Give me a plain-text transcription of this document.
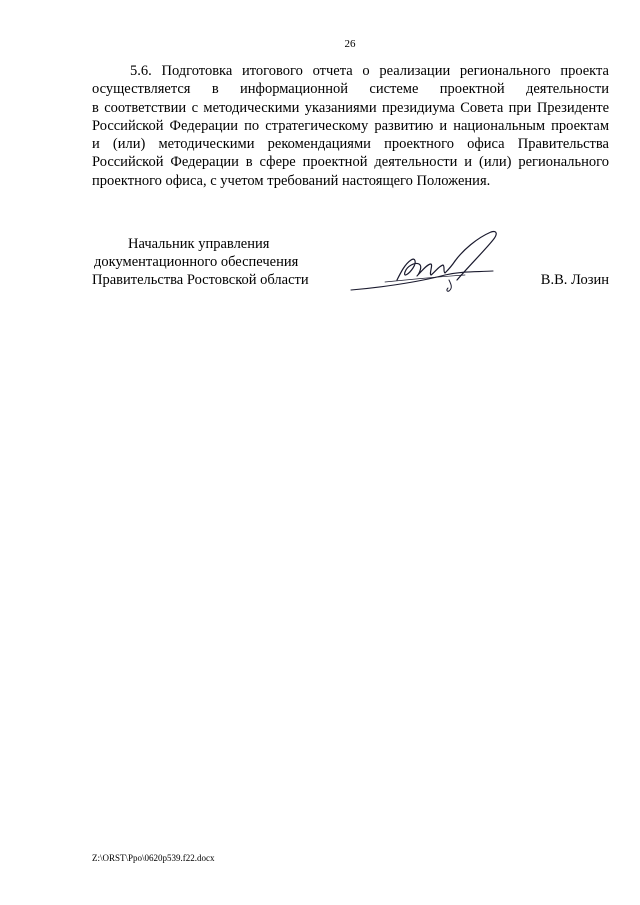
26
5.6. Подготовка итогового отчета о реализации регионального проекта
осуществляется в информационной системе проектной деятельности
в соответствии с методическими указаниями президиума Совета при Президенте
Российской Федерации по стратегическому развитию и национальным проектам
и (или) методическими рекомендациями проектного офиса Правительства
Российской Федерации в сфере проектной деятельности и (или) регионального
проектного офиса, с учетом требований настоящего Положения.
Начальник управления
документационного обеспечения
Правительства Ростовской области	В.В. Лозин
Z:\ORST\Ppo\0620p539.f22.docx
